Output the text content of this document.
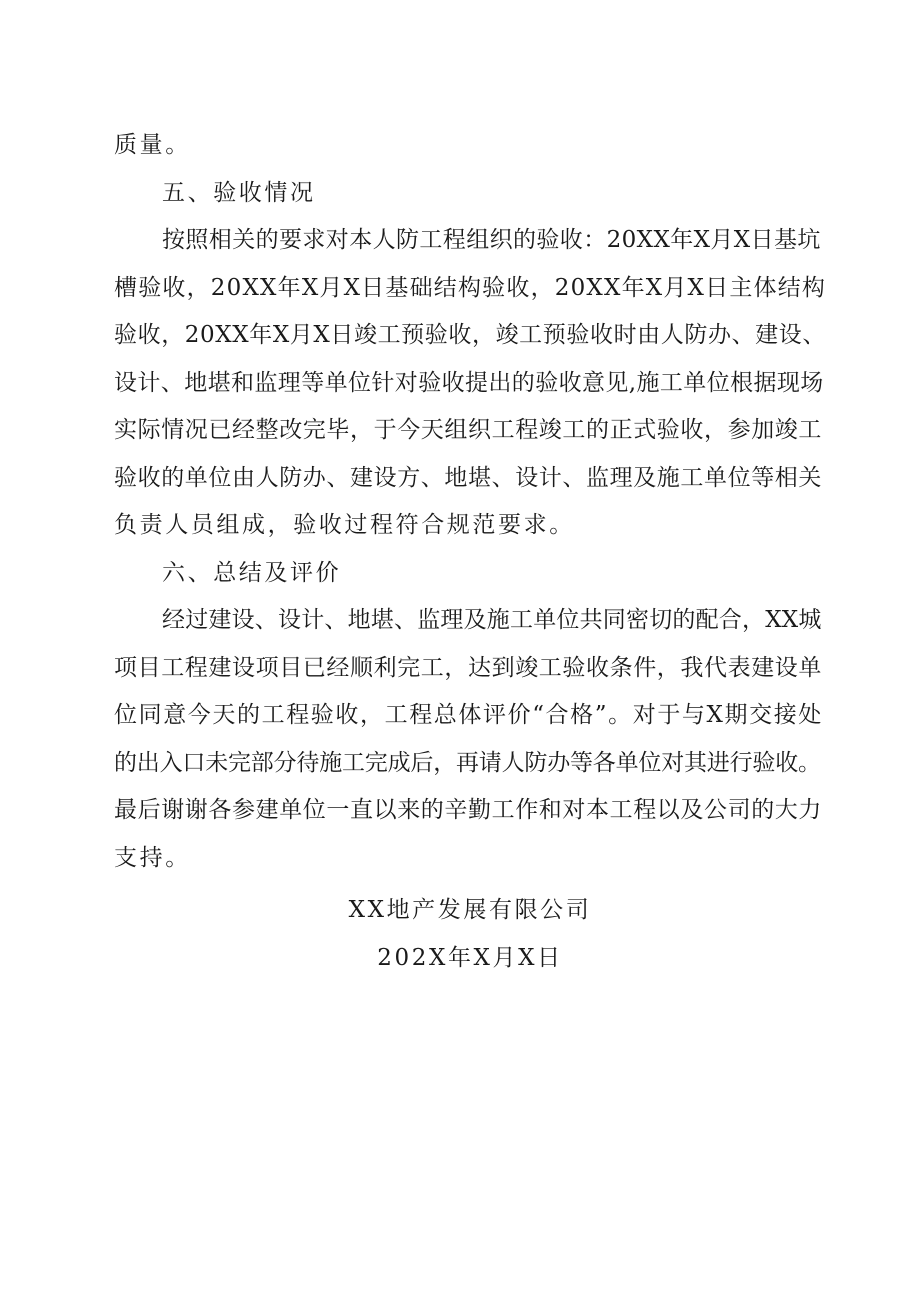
质量。
五、验收情况
按照相关的要求对本人防工程组织的验收：20XX年X月X日基坑
槽验收，20XX年X月X日基础结构验收，20XX年X月X日主体结构
验收，20XX年X月X日竣工预验收，竣工预验收时由人防办、建设、
设计、地堪和监理等单位针对验收提出的验收意见,施工单位根据现场
实际情况已经整改完毕，于今天组织工程竣工的正式验收，参加竣工
验收的单位由人防办、建设方、地堪、设计、监理及施工单位等相关
负责人员组成，验收过程符合规范要求。
六、总结及评价
经过建设、设计、地堪、监理及施工单位共同密切的配合，XX城
项目工程建设项目已经顺利完工，达到竣工验收条件，我代表建设单
位同意今天的工程验收，工程总体评价“合格”。对于与X期交接处
的出入口未完部分待施工完成后，再请人防办等各单位对其进行验收。
最后谢谢各参建单位一直以来的辛勤工作和对本工程以及公司的大力
支持。
XX地产发展有限公司
202X年X月X日
